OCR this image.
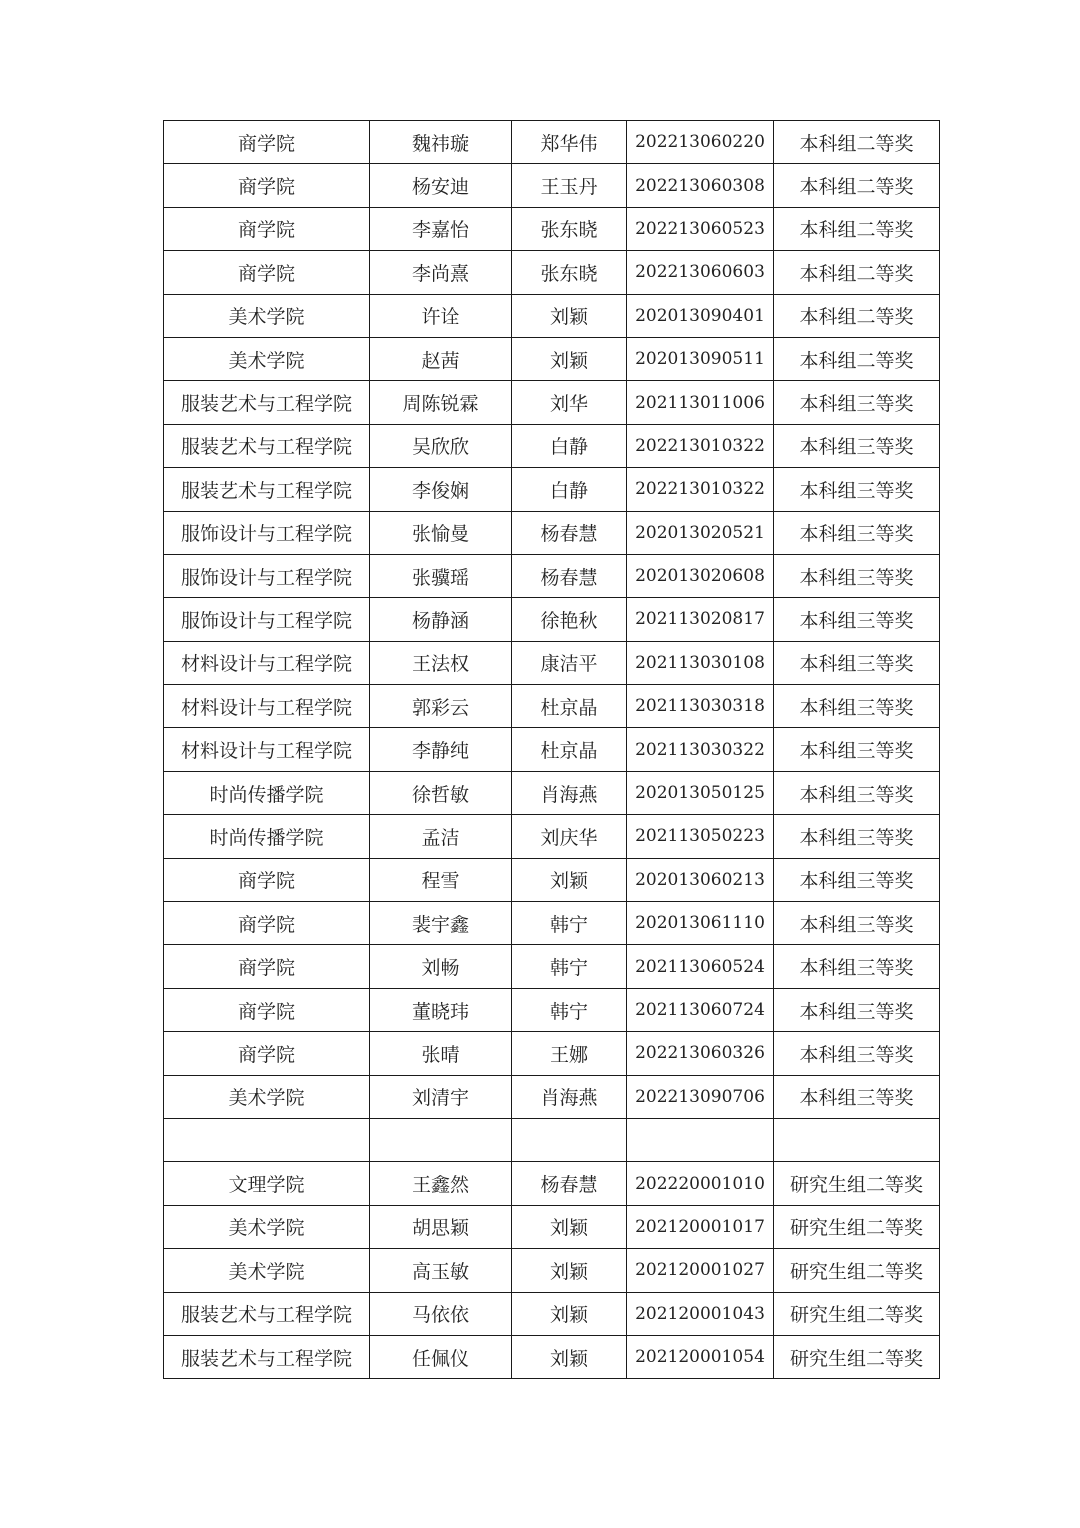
商学院	魏祎璇	郑华伟	202213060220	本科组二等奖
商学院	杨安迪	王玉丹	202213060308	本科组二等奖
商学院	李嘉怡	张东晓	202213060523	本科组二等奖
商学院	李尚熹	张东晓	202213060603	本科组二等奖
美术学院	许诠	刘颖	202013090401	本科组二等奖
美术学院	赵茜	刘颖	202013090511	本科组二等奖
服装艺术与工程学院	周陈锐霖	刘华	202113011006	本科组三等奖
服装艺术与工程学院	吴欣欣	白静	202213010322	本科组三等奖
服装艺术与工程学院	李俊娴	白静	202213010322	本科组三等奖
服饰设计与工程学院	张愉曼	杨春慧	202013020521	本科组三等奖
服饰设计与工程学院	张骥瑶	杨春慧	202013020608	本科组三等奖
服饰设计与工程学院	杨静涵	徐艳秋	202113020817	本科组三等奖
材料设计与工程学院	王法权	康洁平	202113030108	本科组三等奖
材料设计与工程学院	郭彩云	杜京晶	202113030318	本科组三等奖
材料设计与工程学院	李静纯	杜京晶	202113030322	本科组三等奖
时尚传播学院	徐哲敏	肖海燕	202013050125	本科组三等奖
时尚传播学院	孟洁	刘庆华	202113050223	本科组三等奖
商学院	程雪	刘颖	202013060213	本科组三等奖
商学院	裴宇鑫	韩宁	202013061110	本科组三等奖
商学院	刘畅	韩宁	202113060524	本科组三等奖
商学院	董晓玮	韩宁	202113060724	本科组三等奖
商学院	张晴	王娜	202213060326	本科组三等奖
美术学院	刘清宇	肖海燕	202213090706	本科组三等奖

文理学院	王鑫然	杨春慧	202220001010	研究生组二等奖
美术学院	胡思颖	刘颖	202120001017	研究生组二等奖
美术学院	高玉敏	刘颖	202120001027	研究生组二等奖
服装艺术与工程学院	马依依	刘颖	202120001043	研究生组二等奖
服装艺术与工程学院	任佩仪	刘颖	202120001054	研究生组二等奖
